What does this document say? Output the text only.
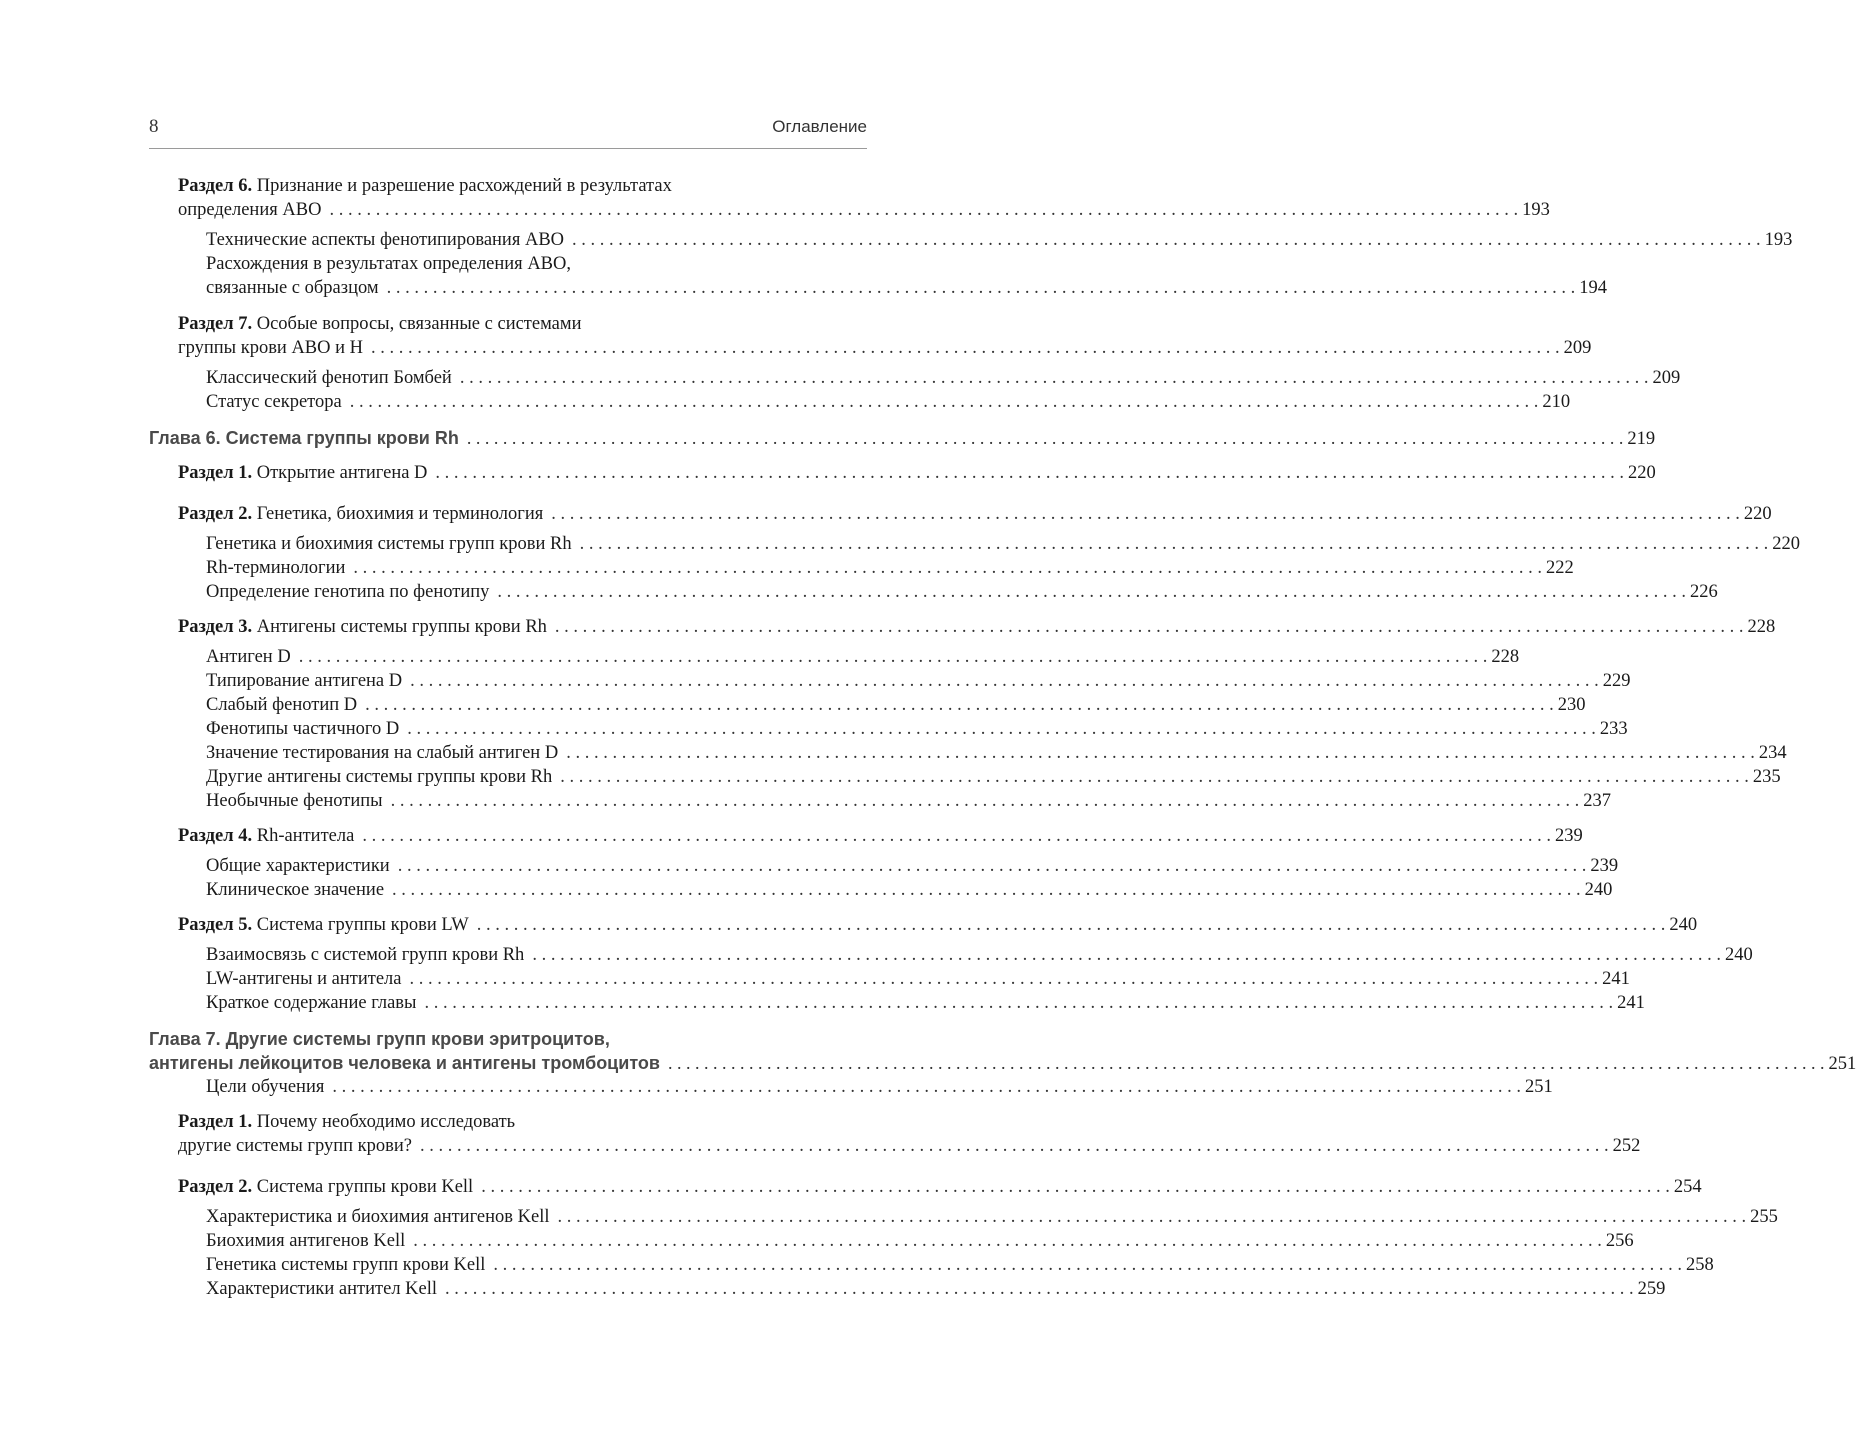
8	Оглавление
Раздел 6. Признание и разрешение расхождений в результатах
определения ABO . . .	193
Технические аспекты фенотипирования ABO . . .	193
Расхождения в результатах определения ABO,
связанные с образцом . . .	194
Раздел 7. Особые вопросы, связанные с системами
группы крови ABO и H . . .	209
Классический фенотип Бомбей . . .	209
Статус секретора . . .	210
Глава 6. Система группы крови Rh . . .	219
Раздел 1. Открытие антигена D . . .	220
Раздел 2. Генетика, биохимия и терминология . . .	220
Генетика и биохимия системы групп крови Rh . . .	220
Rh-терминологии . . .	222
Определение генотипа по фенотипу . . .	226
Раздел 3. Антигены системы группы крови Rh . . .	228
Антиген D . . .	228
Типирование антигена D . . .	229
Слабый фенотип D . . .	230
Фенотипы частичного D . . .	233
Значение тестирования на слабый антиген D . . .	234
Другие антигены системы группы крови Rh . . .	235
Необычные фенотипы . . .	237
Раздел 4. Rh-антитела . . .	239
Общие характеристики . . .	239
Клиническое значение . . .	240
Раздел 5. Система группы крови LW . . .	240
Взаимосвязь с системой групп крови Rh . . .	240
LW-антигены и антитела . . .	241
Краткое содержание главы . . .	241
Глава 7. Другие системы групп крови эритроцитов,
антигены лейкоцитов человека и антигены тромбоцитов . . .	251
Цели обучения . . .	251
Раздел 1. Почему необходимо исследовать
другие системы групп крови? . . .	252
Раздел 2. Система группы крови Kell . . .	254
Характеристика и биохимия антигенов Kell . . .	255
Биохимия антигенов Kell . . .	256
Генетика системы групп крови Kell . . .	258
Характеристики антител Kell . . .	259
